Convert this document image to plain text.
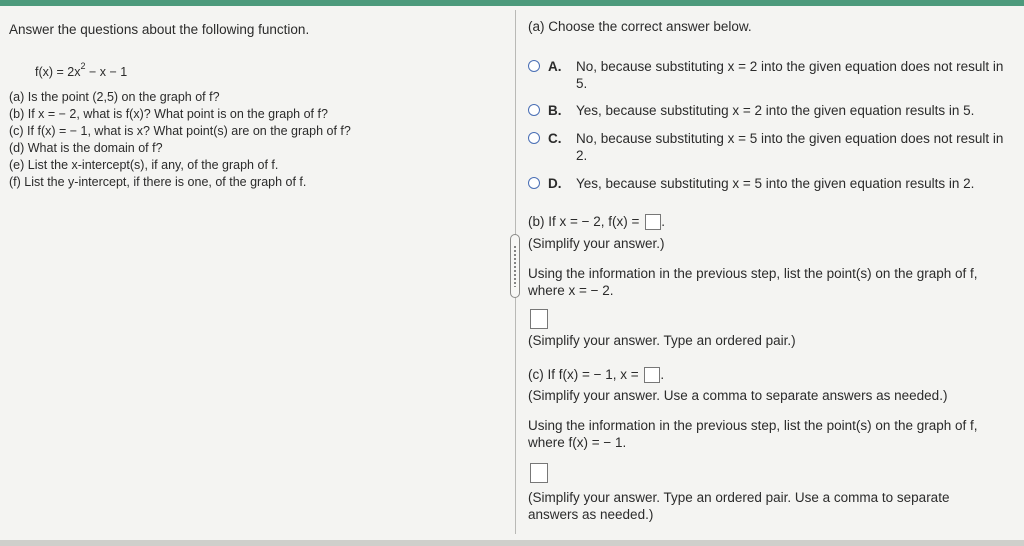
Answer the questions about the following function.
$f(x) = 2x^2 - x - 1$
(a) Is the point (2,5) on the graph of f?
(b) If x = − 2, what is f(x)? What point is on the graph of f?
(c) If f(x) = − 1, what is x? What point(s) are on the graph of f?
(d) What is the domain of f?
(e) List the x-intercept(s), if any, of the graph of f.
(f) List the y-intercept, if there is one, of the graph of f.
(a) Choose the correct answer below.
A. No, because substituting x = 2 into the given equation does not result in 5.
B. Yes, because substituting x = 2 into the given equation results in 5.
C. No, because substituting x = 5 into the given equation does not result in 2.
D. Yes, because substituting x = 5 into the given equation results in 2.
(b) If x = − 2, f(x) = .
(Simplify your answer.)
Using the information in the previous step, list the point(s) on the graph of f, where x = − 2.
(Simplify your answer. Type an ordered pair.)
(c) If f(x) = − 1, x = .
(Simplify your answer. Use a comma to separate answers as needed.)
Using the information in the previous step, list the point(s) on the graph of f, where f(x) = − 1.
(Simplify your answer. Type an ordered pair. Use a comma to separate answers as needed.)
